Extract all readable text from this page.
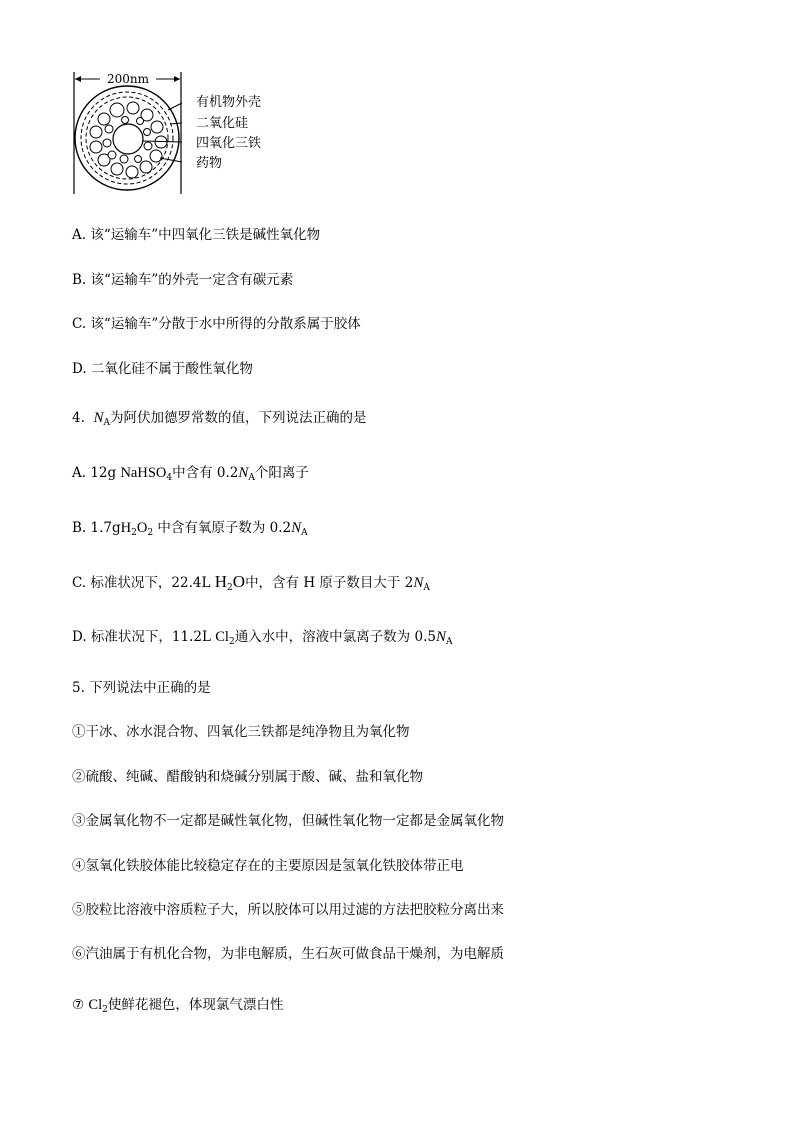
200nm
有机物外壳
二氧化硅
四氧化三铁
药物
A. 该“运输车”中四氧化三铁是碱性氧化物
B. 该“运输车”的外壳一定含有碳元素
C. 该“运输车”分散于水中所得的分散系属于胶体
D. 二氧化硅不属于酸性氧化物
4. $N_A$为阿伏加德罗常数的值，下列说法正确的是
A. 12g NaHSO$_4$中含有 $0.2N_A$个阳离子
B. $1.7gH_2O_2$ 中含有氧原子数为 $0.2N_A$
C. 标准状况下，22.4L $H_2O$中，含有 H 原子数目大于 $2N_A$
D. 标准状况下，11.2L $Cl_2$通入水中，溶液中氯离子数为 $0.5N_A$
5. 下列说法中正确的是
①干冰、冰水混合物、四氧化三铁都是纯净物且为氧化物
②硫酸、纯碱、醋酸钠和烧碱分别属于酸、碱、盐和氧化物
③金属氧化物不一定都是碱性氧化物，但碱性氧化物一定都是金属氧化物
④氢氧化铁胶体能比较稳定存在的主要原因是氢氧化铁胶体带正电
⑤胶粒比溶液中溶质粒子大，所以胶体可以用过滤的方法把胶粒分离出来
⑥汽油属于有机化合物，为非电解质，生石灰可做食品干燥剂，为电解质
⑦ $Cl_2$使鲜花褪色，体现氯气漂白性
